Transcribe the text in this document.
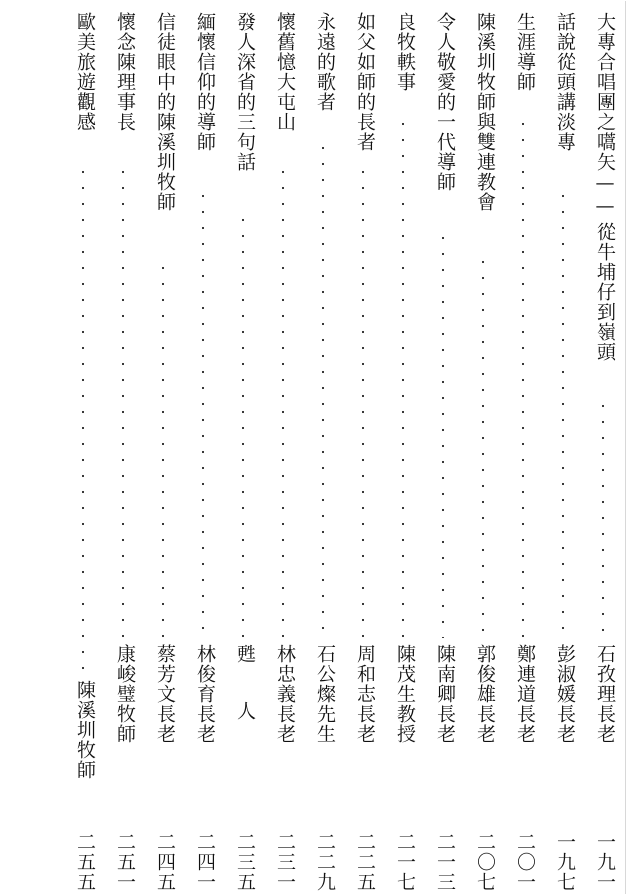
大專合唱團之嚆矢——
從牛埔仔到嶺頭
石孜理長老
一九一
話說從頭講淡專
彭淑媛長老
一九七
生涯導師
鄭連道長老
二〇一
陳溪圳牧師與雙連教會
郭俊雄長老
二〇七
令人敬愛的一代導師
陳南卿長老
二一三
良牧軼事
陳茂生教授
二一七
如父如師的長者
周和志長老
二二五
永遠的歌者
石公燦先生
二二九
懷舊憶大屯山
林忠義長老
二三一
發人深省的三句話
甦　　人
二三五
緬懷信仰的導師
林俊育長老
二四一
信徒眼中的陳溪圳牧師
蔡芳文長老
二四五
懷念陳理事長
康峻璧牧師
二五一
歐美旅遊觀感
陳溪圳牧師
二五五
